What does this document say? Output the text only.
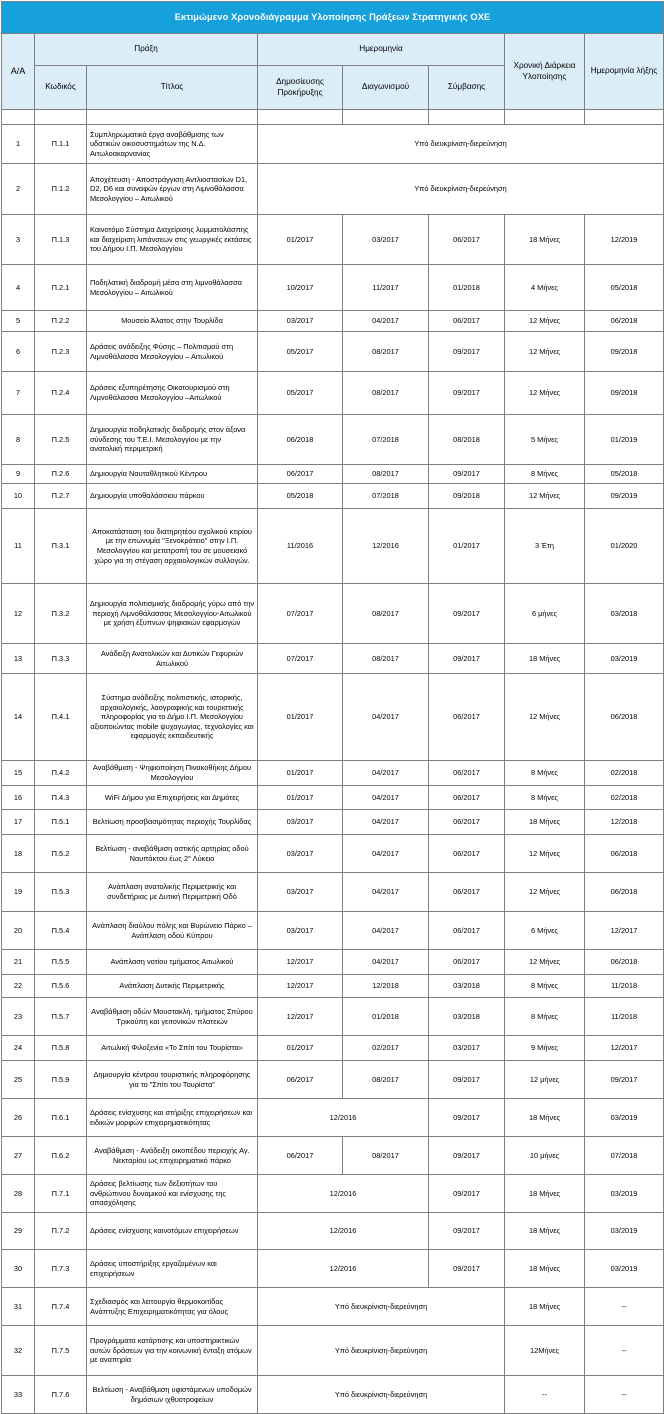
Εκτιμώμενο Χρονοδιάγραμμα Υλοποίησης Πράξεων Στρατηγικής ΟΧΕ							
Α/Α	Πράξη		Ημερομηνία			Χρονική Διάρκεια Υλοποίησης	Ημερομηνία λήξης
	Κωδικός	Τίτλος	Δημοσίευσης Προκήρυξης	Διαγωνισμού	Σύμβασης		

1	Π.1.1	Συμπληρωματικά έργα αναβάθμισης των υδατικών οικοσυστημάτων της Ν.Δ. Αιτωλοακαρνανίας	Υπό διευκρίνιση-διερεύνηση				
2	Π.1.2	Αποχέτευση - Αποστράγγιση Αντλιοστασίων D1, D2, D6 και συναφών έργων στη Λιμνοθάλασσα Μεσολογγίου – Αιτωλικού	Υπό διευκρίνιση-διερεύνηση				
3	Π.1.3	Καινοτόμο Σύστημα Διαχείρισης λυμματολάσπης και διαχείριση λιπάνσεων στις γεωργικές εκτάσεις του Δήμου Ι.Π. Μεσολογγίου	01/2017	03/2017	06/2017	18 Μήνες	12/2019
4	Π.2.1	Ποδηλατική διαδρομή μέσα στη λιμνοθάλασσα Μεσολογγίου – Αιτωλικού	10/2017	11/2017	01/2018	4 Μήνες	05/2018
5	Π.2.2	Μουσείο Άλατος στην Τουρλίδα	03/2017	04/2017	06/2017	12 Μήνες	06/2018
6	Π.2.3	Δράσεις ανάδειξης Φύσης – Πολιτισμού στη Λιμνοθάλασσα Μεσολογγίου – Αιτωλικού	05/2017	08/2017	09/2017	12 Μήνες	09/2018
7	Π.2.4	Δράσεις εξυπηρέτησης Οικοτουρισμού στη Λιμνοθάλασσα Μεσολογγίου –Αιτωλικού	05/2017	08/2017	09/2017	12 Μήνες	09/2018
8	Π.2.5	Δημιουργία ποδηλατικής διαδρομής στον άξονα σύνδεσης του Τ.Ε.Ι. Μεσολογγίου με την ανατολική περιμετρική	06/2018	07/2018	08/2018	5 Μήνες	01/2019
9	Π.2.6	Δημιουργία Ναυταθλητικού Κέντρου	06/2017	08/2017	09/2017	8 Μήνες	05/2018
10	Π.2.7	Δημιουργία υποθαλάσσιου πάρκου	05/2018	07/2018	09/2018	12 Μήνες	09/2019
11	Π.3.1	Αποκατάσταση του διατηρητέου σχολικού κτιρίου με την επωνυμία "Ξενοκράτειο" στην Ι.Π. Μεσολογγίου και μετατροπή του σε μουσειακό χώρο για τη στέγαση αρχαιολογικών συλλογών.	11/2016	12/2016	01/2017	3 Έτη	01/2020
12	Π.3.2	Δημιουργία πολιτισμικής διαδρομής γύρω από την περιοχή Λιμνοθάλασσας Μεσολογγίου-Αιτωλικού με χρήση έξυπνων ψηφιακών εφαρμογών	07/2017	08/2017	09/2017	6 μήνες	03/2018
13	Π.3.3	Ανάδειξη Ανατολικών και Δυτικών Γεφυριών Αιτωλικού	07/2017	08/2017	09/2017	18 Μήνες	03/2019
14	Π.4.1	Σύστημα ανάδειξης πολιτιστικής, ιστορικής, αρχαιολογικής, λαογραφικής και τουριστικής πληροφορίας για το Δήμο Ι.Π. Μεσολογγίου αξιοποιώντας mobile ψυχαγωγίας, τεχνολογίες και εφαρμογές εκπαιδευτικής	01/2017	04/2017	06/2017	12 Μήνες	06/2018
15	Π.4.2	Αναβάθμιση - Ψηφιοποίηση Πινακοθήκης Δήμου Μεσολογγίου	01/2017	04/2017	06/2017	8 Μήνες	02/2018
16	Π.4.3	WiFi Δήμου για Επιχειρήσεις και Δημότες	01/2017	04/2017	06/2017	8 Μήνες	02/2018
17	Π.5.1	Βελτίωση προσβασιμότητας περιοχής Τουρλίδας	03/2017	04/2017	06/2017	18 Μήνες	12/2018
18	Π.5.2	Βελτίωση - αναβάθμιση αστικής αρτηρίας οδού Ναυπάκτου έως 2° Λύκειο	03/2017	04/2017	06/2017	12 Μήνες	06/2018
19	Π.5.3	Ανάπλαση ανατολικής Περιμετρικής και συνδετήριας με Δυτική Περιμετρική Οδό	03/2017	04/2017	06/2017	12 Μήνες	06/2018
20	Π.5.4	Ανάπλαση διαύλου πόλης και Βυρώνειο Πάρκο – Ανάπλαση οδού Κύπρου	03/2017	04/2017	06/2017	6 Μήνες	12/2017
21	Π.5.5	Ανάπλαση νοτίου τμήματος Αιτωλικού	12/2017	04/2017	06/2017	12 Μήνες	06/2018
22	Π.5.6	Ανάπλαση Δυτικής Περιμετρικής	12/2017	12/2018	03/2018	8 Μήνες	11/2018
23	Π.5.7	Αναβάθμιση οδών Μουστακλή, τμήματος Σπύρου Τρικούπη και γειτονικών πλατειών	12/2017	01/2018	03/2018	8 Μήνες	11/2018
24	Π.5.8	Αιτωλική Φιλοξενία «Το Σπίτι του Τουρίστα»	01/2017	02/2017	03/2017	9 Μήνες	12/2017
25	Π.5.9	Δημιουργία κέντρου τουριστικής πληροφόρησης για το "Σπίτι του Τουρίστα"	06/2017	08/2017	09/2017	12 μήνες	09/2017
26	Π.6.1	Δράσεις ενίσχυσης και στήριξης επιχειρήσεων και ειδικών μορφών επιχειρηματικότητας	12/2016		09/2017	18 Μήνες	03/2019
27	Π.6.2	Αναβάθμιση - Ανάδειξη οικοπέδου περιοχής Αγ. Νεκταρίου ως επιχειρηματικό πάρκο	06/2017	08/2017	09/2017	10 μήνες	07/2018
28	Π.7.1	Δράσεις βελτίωσης των δεξιοτήτων του ανθρώπινου δυναμικού και ενίσχυσης της απασχόλησης	12/2016		09/2017	18 Μήνες	03/2019
29	Π.7.2	Δράσεις ενίσχυσης καινοτόμων επιχειρήσεων	12/2016		09/2017	18 Μήνες	03/2019
30	Π.7.3	Δράσεις υποστήριξης εργαζομένων και επιχειρήσεων	12/2016		09/2017	18 Μήνες	03/2019
31	Π.7.4	Σχεδιασμός και λειτουργία θερμοκοιτίδας Ανάπτυξης Επιχειρηματικότητας για όλους	Υπό διευκρίνιση-διερεύνηση			18 Μήνες	--
32	Π.7.5	Προγράμματα κατάρτισης και υποστηρικτικών αυτών δράσεων για την κοινωνική ένταξη ατόμων με αναπηρία	Υπό διευκρίνιση-διερεύνηση			12Μήνες	--
33	Π.7.6	Βελτίωση - Αναβάθμιση υφιστάμενων υποδομών δημόσιων ιχθυοτροφείων	Υπό διευκρίνιση-διερεύνηση			--	--
